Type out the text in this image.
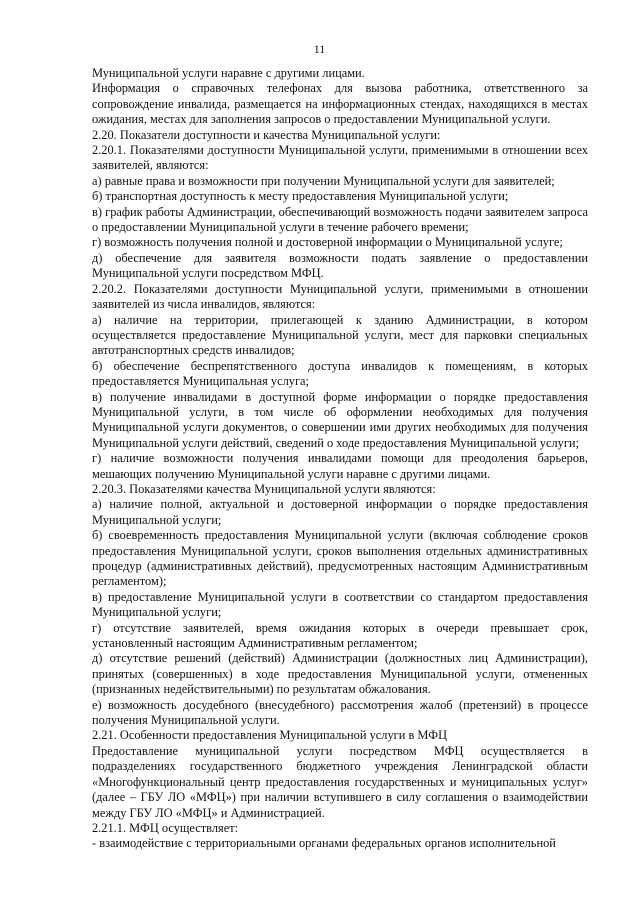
11

Муниципальной услуги наравне с другими лицами.

Информация о справочных телефонах для вызова работника, ответственного за сопровождение инвалида, размещается на информационных стендах, находящихся в местах ожидания, местах для заполнения запросов о предоставлении Муниципальной услуги.

2.20. Показатели доступности и качества Муниципальной услуги:

2.20.1. Показателями доступности Муниципальной услуги, применимыми в отношении всех заявителей, являются:

а) равные права и возможности при получении Муниципальной услуги для заявителей;

б) транспортная доступность к месту предоставления Муниципальной услуги;

в) график работы Администрации, обеспечивающий возможность подачи заявителем запроса о предоставлении Муниципальной услуги в течение рабочего времени;

г) возможность получения полной и достоверной информации о Муниципальной услуге;

д) обеспечение для заявителя возможности подать заявление о предоставлении Муниципальной услуги посредством МФЦ.

2.20.2. Показателями доступности Муниципальной услуги, применимыми в отношении заявителей из числа инвалидов, являются:

а) наличие на территории, прилегающей к зданию Администрации, в котором осуществляется предоставление Муниципальной услуги, мест для парковки специальных автотранспортных средств инвалидов;

б) обеспечение беспрепятственного доступа инвалидов к помещениям, в которых предоставляется Муниципальная услуга;

в) получение инвалидами в доступной форме информации о порядке предоставления Муниципальной услуги, в том числе об оформлении необходимых для получения Муниципальной услуги документов, о совершении ими других необходимых для получения Муниципальной услуги действий, сведений о ходе предоставления Муниципальной услуги;

г) наличие возможности получения инвалидами помощи для преодоления барьеров, мешающих получению Муниципальной услуги наравне с другими лицами.

2.20.3. Показателями качества Муниципальной услуги являются:

а) наличие полной, актуальной и достоверной информации о порядке предоставления Муниципальной услуги;

б) своевременность предоставления Муниципальной услуги (включая соблюдение сроков предоставления Муниципальной услуги, сроков выполнения отдельных административных процедур (административных действий), предусмотренных настоящим Административным регламентом);

в) предоставление Муниципальной услуги в соответствии со стандартом предоставления Муниципальной услуги;

г) отсутствие заявителей, время ожидания которых в очереди превышает срок, установленный настоящим Административным регламентом;

д) отсутствие решений (действий) Администрации (должностных лиц Администрации), принятых (совершенных) в ходе предоставления Муниципальной услуги, отмененных (признанных недействительными) по результатам обжалования.

е) возможность досудебного (внесудебного) рассмотрения жалоб (претензий) в процессе получения Муниципальной услуги.

2.21. Особенности предоставления Муниципальной услуги в МФЦ

Предоставление муниципальной услуги посредством МФЦ осуществляется в подразделениях государственного бюджетного учреждения Ленинградской области «Многофункциональный центр предоставления государственных и муниципальных услуг» (далее – ГБУ ЛО «МФЦ») при наличии вступившего в силу соглашения о взаимодействии между ГБУ ЛО «МФЦ» и Администрацией.

2.21.1. МФЦ осуществляет:

- взаимодействие с территориальными органами федеральных органов исполнительной
